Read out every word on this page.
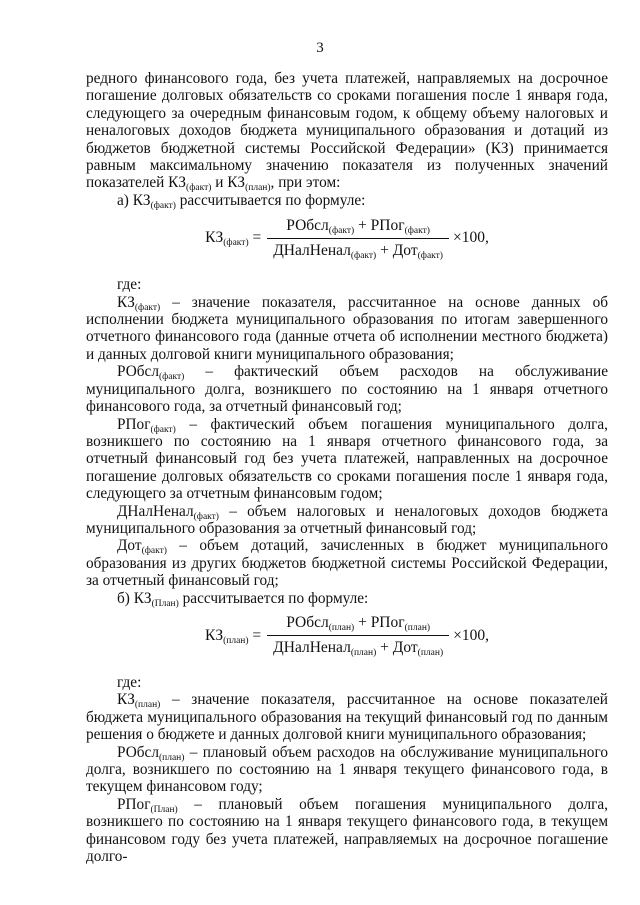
3

редного финансового года, без учета платежей, направляемых на досрочное погашение долговых обязательств со сроками погашения после 1 января года, следующего за очередным финансовым годом, к общему объему налоговых и неналоговых доходов бюджета муниципального образования и дотаций из бюджетов бюджетной системы Российской Федерации» (КЗ) принимается равным максимальному значению показателя из полученных значений показателей $КЗ_{(факт)}$ и $КЗ_{(план)}$, при этом:

а) $КЗ_{(факт)}$ рассчитывается по формуле:

$КЗ_{(факт)} = \frac{РОбсл_{(факт)} + РПог_{(факт)}}{ДНалНенал_{(факт)} + Дот_{(факт)}} \times 100$,

где:

$КЗ_{(факт)}$ – значение показателя, рассчитанное на основе данных об исполнении бюджета муниципального образования по итогам завершенного отчетного финансового года (данные отчета об исполнении местного бюджета) и данных долговой книги муниципального образования;

РОбсл$_{(факт)}$ – фактический объем расходов на обслуживание муниципального долга, возникшего по состоянию на 1 января отчетного финансового года, за отчетный финансовый год;

РПог$_{(факт)}$ – фактический объем погашения муниципального долга, возникшего по состоянию на 1 января отчетного финансового года, за отчетный финансовый год без учета платежей, направленных на досрочное погашение долговых обязательств со сроками погашения после 1 января года, следующего за отчетным финансовым годом;

ДНалНенал$_{(факт)}$ – объем налоговых и неналоговых доходов бюджета муниципального образования за отчетный финансовый год;

Дот$_{(факт)}$ – объем дотаций, зачисленных в бюджет муниципального образования из других бюджетов бюджетной системы Российской Федерации, за отчетный финансовый год;

б) $КЗ_{(План)}$ рассчитывается по формуле:

$КЗ_{(план)} = \frac{РОбсл_{(план)} + РПог_{(план)}}{ДНалНенал_{(план)} + Дот_{(план)}} \times 100$,

где:

$КЗ_{(план)}$ – значение показателя, рассчитанное на основе показателей бюджета муниципального образования на текущий финансовый год по данным решения о бюджете и данных долговой книги муниципального образования;

РОбсл$_{(план)}$ – плановый объем расходов на обслуживание муниципального долга, возникшего по состоянию на 1 января текущего финансового года, в текущем финансовом году;

РПог$_{(План)}$ – плановый объем погашения муниципального долга, возникшего по состоянию на 1 января текущего финансового года, в текущем финансовом году без учета платежей, направляемых на досрочное погашение долго-
